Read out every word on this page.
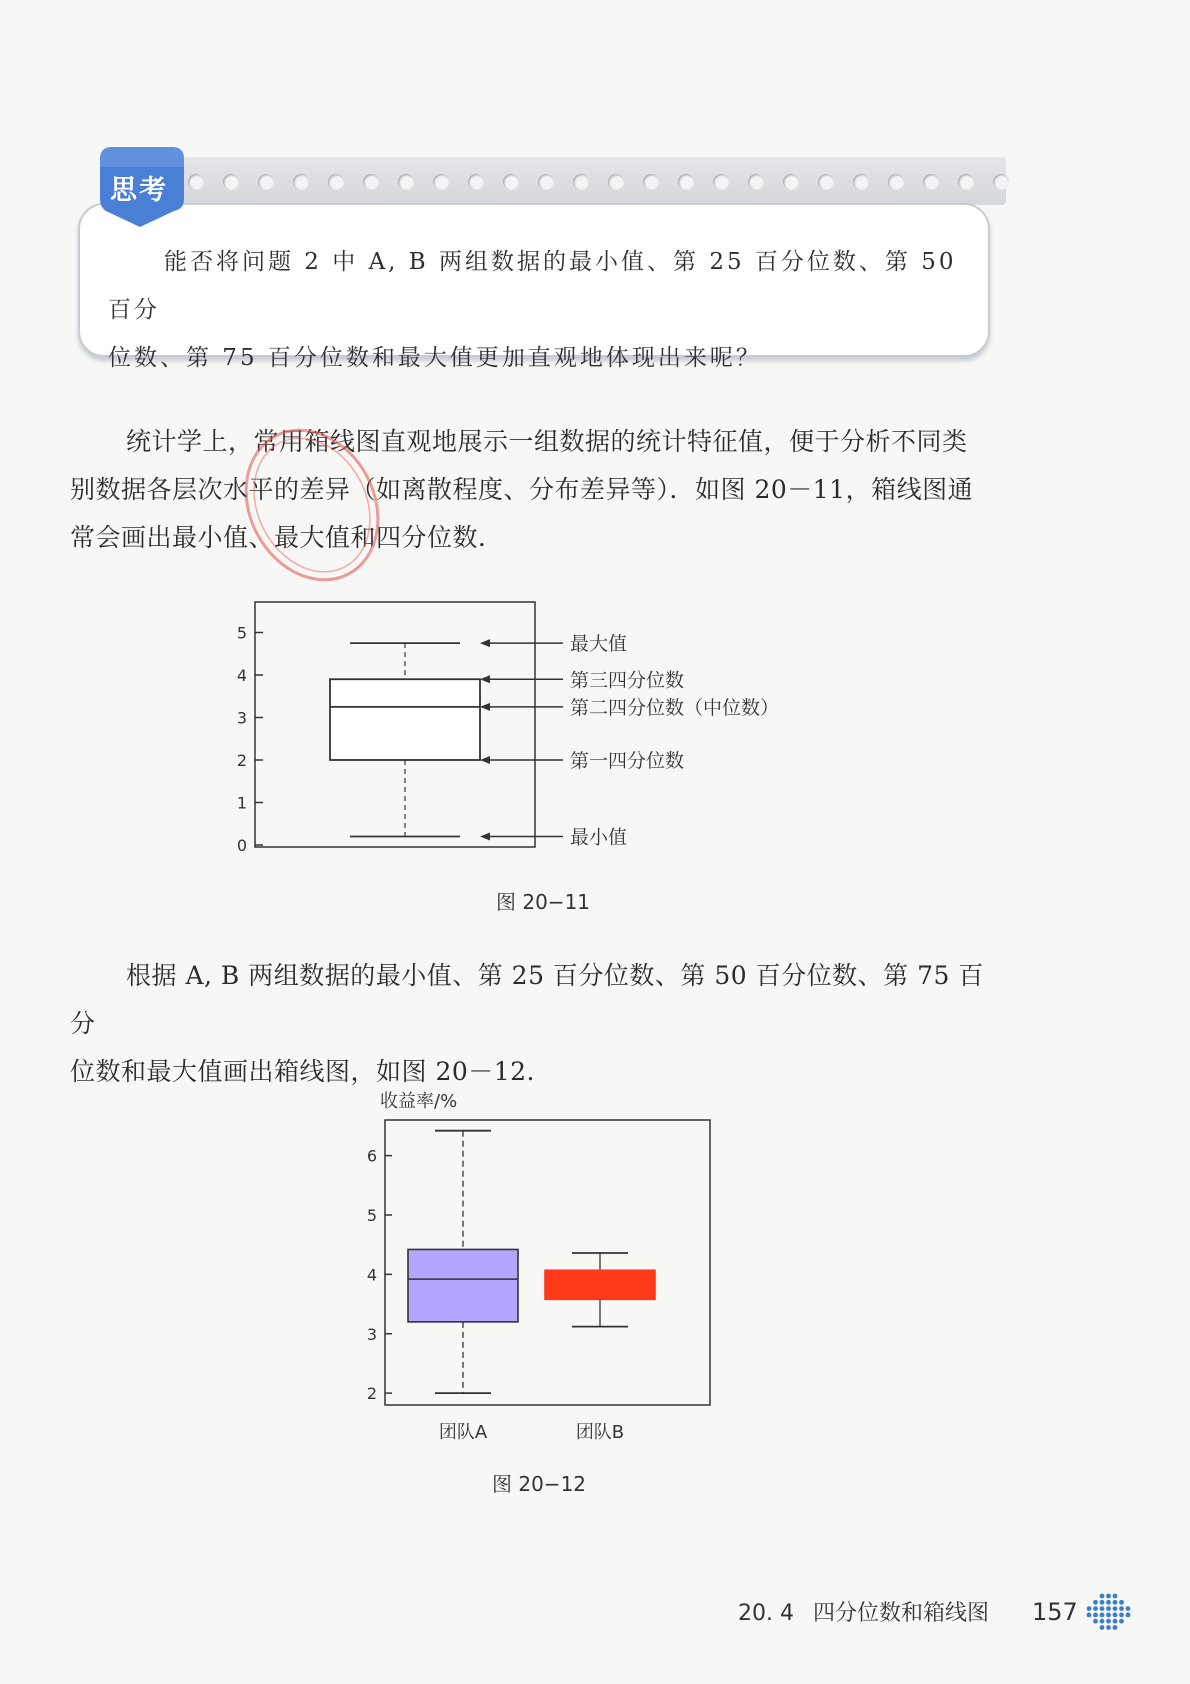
思考
能否将问题 2 中 A, B 两组数据的最小值、第 25 百分位数、第 50 百分
位数、第 75 百分位数和最大值更加直观地体现出来呢？
统计学上，常用箱线图直观地展示一组数据的统计特征值，便于分析不同类
别数据各层次水平的差异（如离散程度、分布差异等）．如图 20－11，箱线图通
常会画出最小值、最大值和四分位数．
0
1
2
3
4
5
最大值
第三四分位数
第二四分位数（中位数）
第一四分位数
最小值
图 20−11
根据 A, B 两组数据的最小值、第 25 百分位数、第 50 百分位数、第 75 百分
位数和最大值画出箱线图，如图 20－12．
收益率/%
2
3
4
5
6
团队A	团队B
图 20−12
20. 4 四分位数和箱线图 157
